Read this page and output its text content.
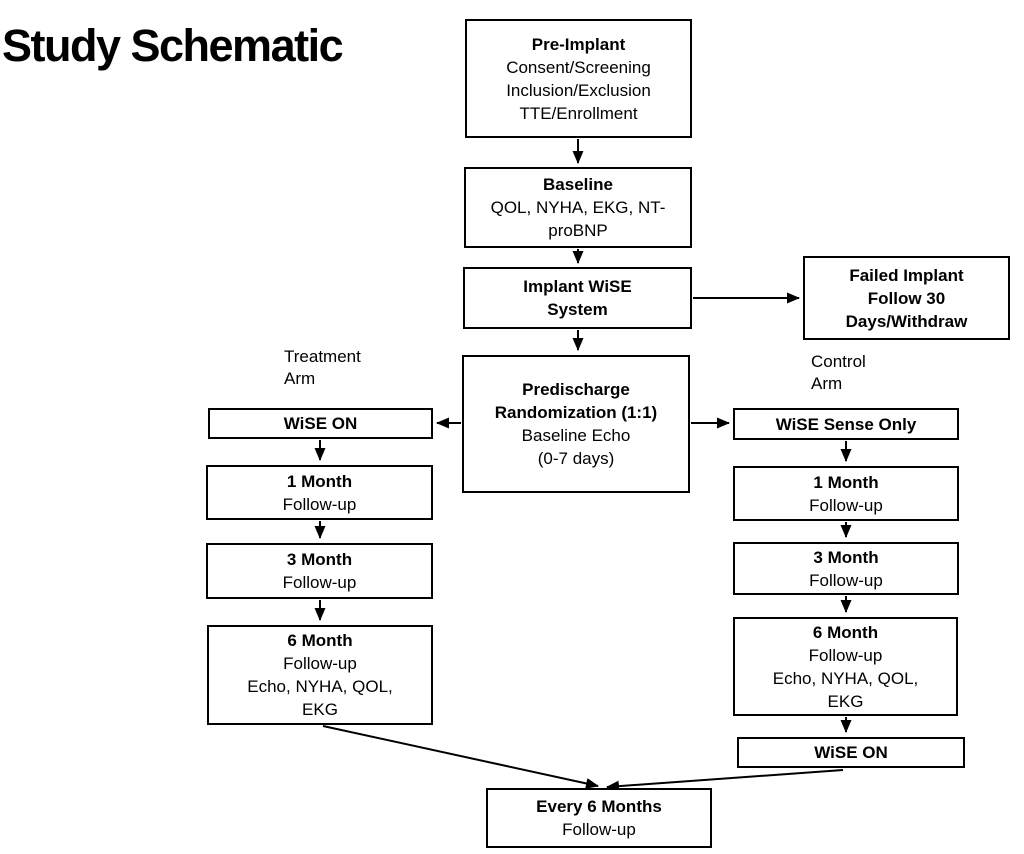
Study Schematic	Pre-Implant
Consent/Screening
Inclusion/Exclusion
TTE/Enrollment
Baseline
QOL, NYHA, EKG, NT-
proBNP
Implant WiSE
System
Failed Implant
Follow 30
Days/Withdraw
Predischarge
Randomization (1:1)
Baseline Echo
(0-7 days)
WiSE ON
1 Month
Follow-up
3 Month
Follow-up
6 Month
Follow-up
Echo, NYHA, QOL,
EKG
WiSE Sense Only
1 Month
Follow-up
3 Month
Follow-up
6 Month
Follow-up
Echo, NYHA, QOL,
EKG
WiSE ON
Every 6 Months
Follow-up
Treatment
Arm
Control
Arm
